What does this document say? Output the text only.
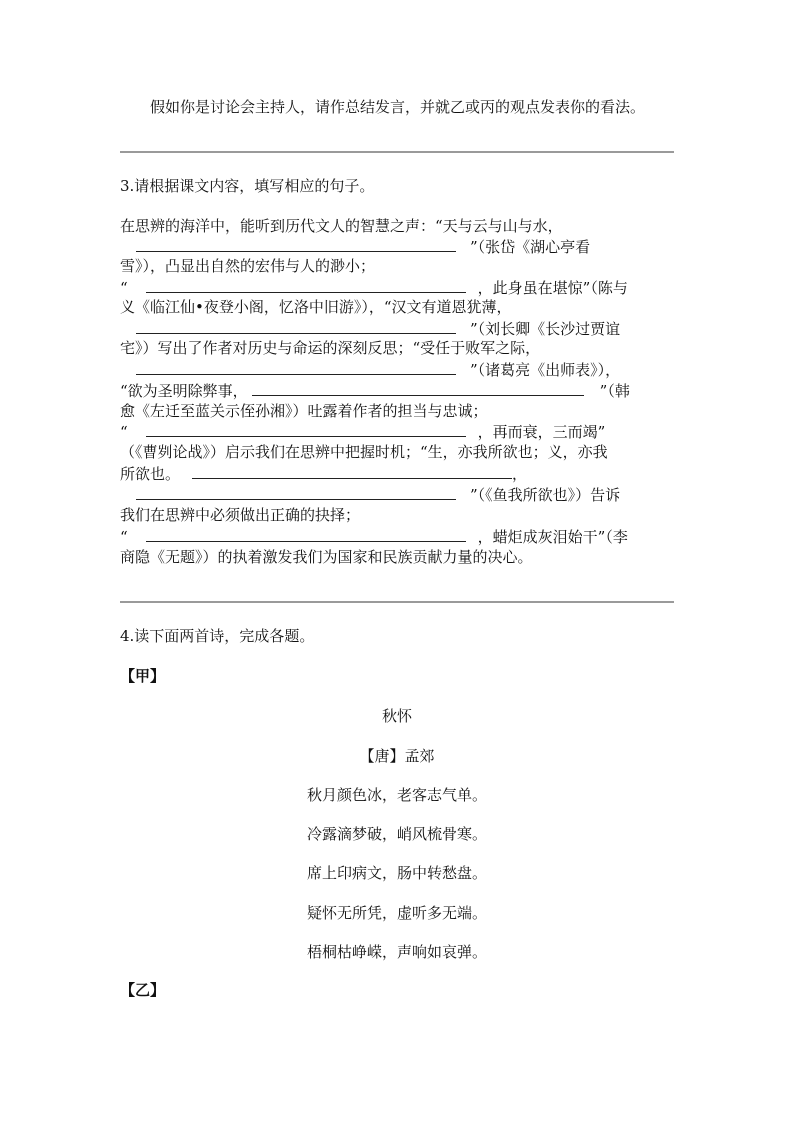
假如你是讨论会主持人，请作总结发言，并就乙或丙的观点发表你的看法。
3.请根据课文内容，填写相应的句子。
在思辨的海洋中，能听到历代文人的智慧之声：“天与云与山与水，
”（张岱《湖心亭看
雪》），凸显出自然的宏伟与人的渺小；
“	，此身虽在堪惊”（陈与
义《临江仙•夜登小阁，忆洛中旧游》），“汉文有道恩犹薄，
”（刘长卿《长沙过贾谊
宅》）写出了作者对历史与命运的深刻反思；“受任于败军之际，
”（诸葛亮《出师表》），
“欲为圣明除弊事，	”（韩
愈《左迁至蓝关示侄孙湘》）吐露着作者的担当与忠诚；
“	，再而衰，三而竭”
（《曹刿论战》）启示我们在思辨中把握时机；“生，亦我所欲也；义，亦我
所欲也。	，
”（《鱼我所欲也》）告诉
我们在思辨中必须做出正确的抉择；
“	，蜡炬成灰泪始干”（李
商隐《无题》）的执着激发我们为国家和民族贡献力量的决心。
4.读下面两首诗，完成各题。
【甲】
秋怀
【唐】孟郊
秋月颜色冰，老客志气单。
冷露滴梦破，峭风梳骨寒。
席上印病文，肠中转愁盘。
疑怀无所凭，虚听多无端。
梧桐枯峥嵘，声响如哀弹。
【乙】
